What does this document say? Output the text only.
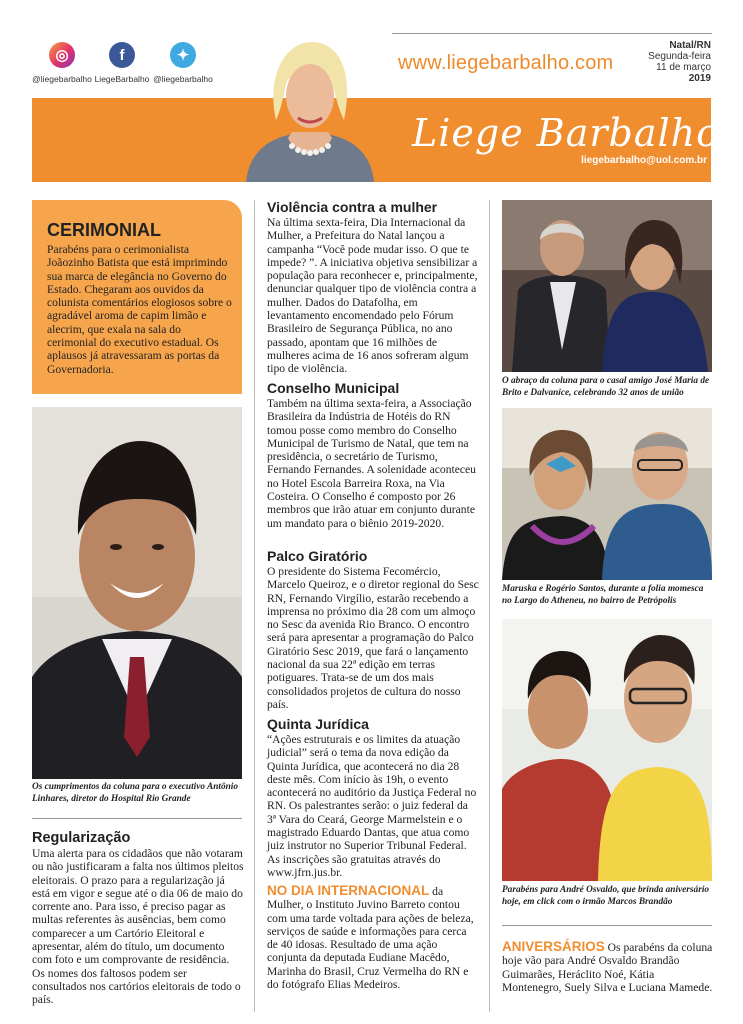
◎
@liegebarbalho
f
LiegeBarbalho
✦
@liegebarbalho
www.liegebarbalho.com
Natal/RN
Segunda-feira
11 de março
2019
Liege Barbalho
liegebarbalho@uol.com.br
CERIMONIAL

Parabéns para o cerimonialista Joãozinho Batista que está imprimindo sua marca de elegância no Governo do Estado. Chegaram aos ouvidos da colunista comentários elogiosos sobre o agradável aroma de capim limão e alecrim, que exala na sala do cerimonial do executivo estadual. Os aplausos já atravessaram as portas da Governadoria.

Os cumprimentos da coluna para o executivo Antônio Linhares, diretor do Hospital Rio Grande
Regularização

Uma alerta para os cidadãos que não votaram ou não justificaram a falta nos últimos pleitos eleitorais. O prazo para a regularização já está em vigor e segue até o dia 06 de maio do corrente ano. Para isso, é preciso pagar as multas referentes às ausências, bem como comparecer a um Cartório Eleitoral e apresentar, além do título, um documento com foto e um comprovante de residência. Os nomes dos faltosos podem ser consultados nos cartórios eleitorais de todo o país.

Violência contra a mulher

Na última sexta-feira, Dia Internacional da Mulher, a Prefeitura do Natal lançou a campanha “Você pode mudar isso. O que te impede? ”. A iniciativa objetiva sensibilizar a população para reconhecer e, principalmente, denunciar qualquer tipo de violência contra a mulher. Dados do Datafolha, em levantamento encomendado pelo Fórum Brasileiro de Segurança Pública, no ano passado, apontam que 16 milhões de mulheres acima de 16 anos sofreram algum tipo de violência.

Conselho Municipal

Também na última sexta-feira, a Associação Brasileira da Indústria de Hotéis do RN tomou posse como membro do Conselho Municipal de Turismo de Natal, que tem na presidência, o secretário de Turismo, Fernando Fernandes. A solenidade aconteceu no Hotel Escola Barreira Roxa, na Via Costeira. O Conselho é composto por 26 membros que irão atuar em conjunto durante um mandato para o biênio 2019-2020.

Palco Giratório

O presidente do Sistema Fecomércio, Marcelo Queiroz, e o diretor regional do Sesc RN, Fernando Virgílio, estarão recebendo a imprensa no próximo dia 28 com um almoço no Sesc da avenida Rio Branco. O encontro será para apresentar a programação do Palco Giratório Sesc 2019, que fará o lançamento nacional da sua 22ª edição em terras potiguares. Trata-se de um dos mais consolidados projetos de cultura do nosso país.

Quinta Jurídica

“Ações estruturais e os limites da atuação judicial” será o tema da nova edição da Quinta Jurídica, que acontecerá no dia 28 deste mês. Com início às 19h, o evento acontecerá no auditório da Justiça Federal no RN. Os palestrantes serão: o juiz federal da 3ª Vara do Ceará, George Marmelstein e o magistrado Eduardo Dantas, que atua como juiz instrutor no Superior Tribunal Federal. As inscrições são gratuitas através do www.jfrn.jus.br.

NO DIA INTERNACIONAL da Mulher, o Instituto Juvino Barreto contou com uma tarde voltada para ações de beleza, serviços de saúde e informações para cerca de 40 idosas. Resultado de uma ação conjunta da deputada Eudiane Macêdo, Marinha do Brasil, Cruz Vermelha do RN e do fotógrafo Elias Medeiros.
O abraço da coluna para o casal amigo José Maria de Brito e Dalvanice, celebrando 32 anos de união
Maruska e Rogério Santos, durante a folia momesca no Largo do Atheneu, no bairro de Petrópolis
Parabéns para André Osvaldo, que brinda aniversário hoje, em click com o irmão Marcos Brandão
ANIVERSÁRIOS Os parabéns da coluna hoje vão para André Osvaldo Brandão Guimarães, Heráclito Noé, Kátia Montenegro, Suely Silva e Luciana Mamede.
